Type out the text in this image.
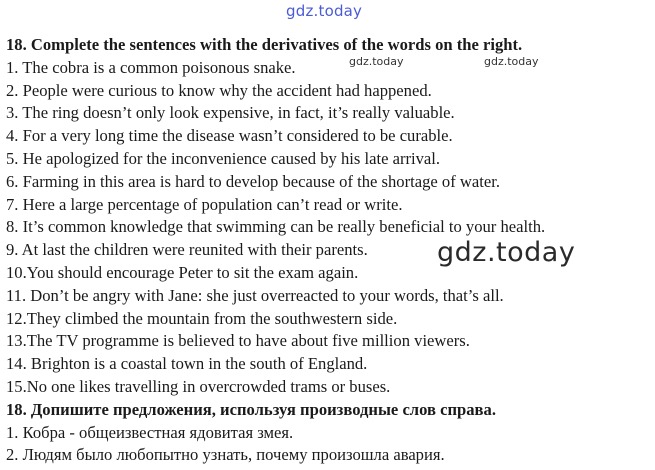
gdz.today
gdz.today	gdz.today
gdz.today
18. Complete the sentences with the derivatives of the words on the right.
1. The cobra is a common poisonous snake.
2. People were curious to know why the accident had happened.
3. The ring doesn’t only look expensive, in fact, it’s really valuable.
4. For a very long time the disease wasn’t considered to be curable.
5. He apologized for the inconvenience caused by his late arrival.
6. Farming in this area is hard to develop because of the shortage of water.
7. Here a large percentage of population can’t read or write.
8. It’s common knowledge that swimming can be really beneficial to your health.
9. At last the children were reunited with their parents.
10.You should encourage Peter to sit the exam again.
11. Don’t be angry with Jane: she just overreacted to your words, that’s all.
12.They climbed the mountain from the southwestern side.
13.The TV programme is believed to have about five million viewers.
14. Brighton is a coastal town in the south of England.
15.No one likes travelling in overcrowded trams or buses.
18. Допишите предложения, используя производные слов справа.
1. Кобра - общеизвестная ядовитая змея.
2. Людям было любопытно узнать, почему произошла авария.
